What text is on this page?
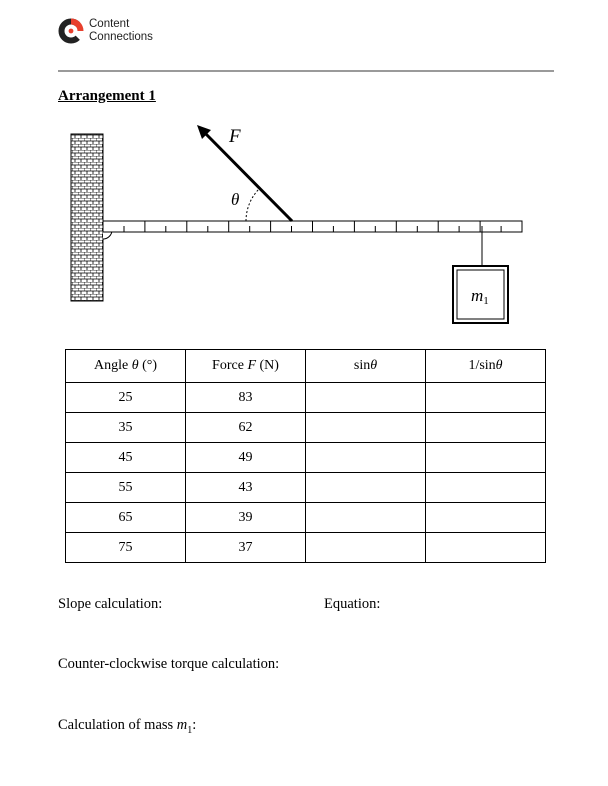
Content
Connections
Arrangement 1
F
θ
m1
Angle θ (°)	Force F (N)	sinθ	1/sinθ
25	83		
35	62		
45	49		
55	43		
65	39		
75	37		
Slope calculation:	Equation:
Counter-clockwise torque calculation:
Calculation of mass $m_1$:
